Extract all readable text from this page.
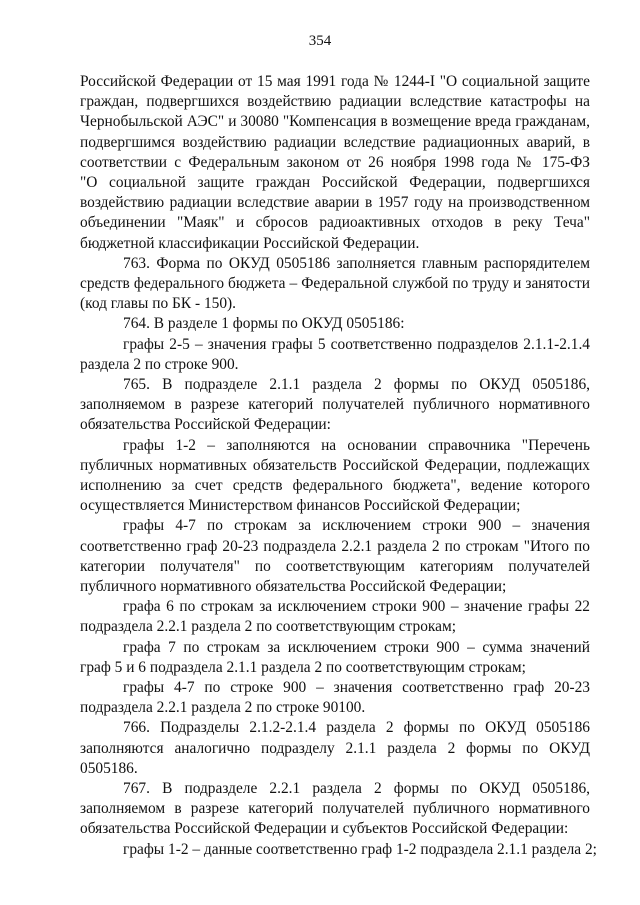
354
Российской Федерации от 15 мая 1991 года № 1244-I "О социальной защите
граждан, подвергшихся воздействию радиации вследствие катастрофы на
Чернобыльской АЭС" и 30080 "Компенсация в возмещение вреда гражданам,
подвергшимся воздействию радиации вследствие радиационных аварий, в
соответствии с Федеральным законом от 26 ноября 1998 года № 175-ФЗ
"О социальной защите граждан Российской Федерации, подвергшихся
воздействию радиации вследствие аварии в 1957 году на производственном
объединении "Маяк" и сбросов радиоактивных отходов в реку Теча"
бюджетной классификации Российской Федерации.
763. Форма по ОКУД 0505186 заполняется главным распорядителем
средств федерального бюджета – Федеральной службой по труду и занятости
(код главы по БК - 150).
764. В разделе 1 формы по ОКУД 0505186:
графы 2-5 – значения графы 5 соответственно подразделов 2.1.1-2.1.4
раздела 2 по строке 900.
765. В подразделе 2.1.1 раздела 2 формы по ОКУД 0505186,
заполняемом в разрезе категорий получателей публичного нормативного
обязательства Российской Федерации:
графы 1-2 – заполняются на основании справочника "Перечень
публичных нормативных обязательств Российской Федерации, подлежащих
исполнению за счет средств федерального бюджета", ведение которого
осуществляется Министерством финансов Российской Федерации;
графы 4-7 по строкам за исключением строки 900 – значения
соответственно граф 20-23 подраздела 2.2.1 раздела 2 по строкам "Итого по
категории получателя" по соответствующим категориям получателей
публичного нормативного обязательства Российской Федерации;
графа 6 по строкам за исключением строки 900 – значение графы 22
подраздела 2.2.1 раздела 2 по соответствующим строкам;
графа 7 по строкам за исключением строки 900 – сумма значений
граф 5 и 6 подраздела 2.1.1 раздела 2 по соответствующим строкам;
графы 4-7 по строке 900 – значения соответственно граф 20-23
подраздела 2.2.1 раздела 2 по строке 90100.
766. Подразделы 2.1.2-2.1.4 раздела 2 формы по ОКУД 0505186
заполняются аналогично подразделу 2.1.1 раздела 2 формы по ОКУД
0505186.
767. В подразделе 2.2.1 раздела 2 формы по ОКУД 0505186,
заполняемом в разрезе категорий получателей публичного нормативного
обязательства Российской Федерации и субъектов Российской Федерации:
графы 1-2 – данные соответственно граф 1-2 подраздела 2.1.1 раздела 2;
